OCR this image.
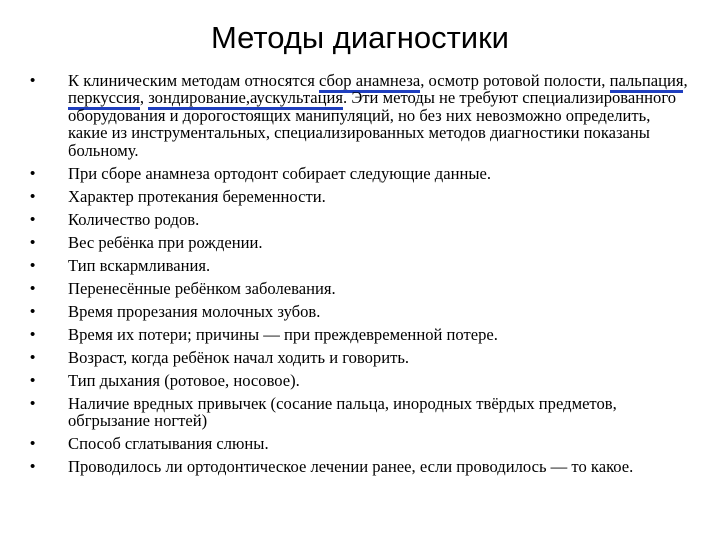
Методы диагностики
• К клиническим методам относятся сбор анамнеза, осмотр ротовой полости, пальпация, перкуссия, зондирование,аускультация. Эти методы не требуют специализированного оборудования и дорогостоящих манипуляций, но без них невозможно определить, какие из инструментальных, специализированных методов диагностики показаны больному.
• При сборе анамнеза ортодонт собирает следующие данные.
• Характер протекания беременности.
• Количество родов.
• Вес ребёнка при рождении.
• Тип вскармливания.
• Перенесённые ребёнком заболевания.
• Время прорезания молочных зубов.
• Время их потери; причины — при преждевременной потере.
• Возраст, когда ребёнок начал ходить и говорить.
• Тип дыхания (ротовое, носовое).
• Наличие вредных привычек (сосание пальца, инородных твёрдых предметов, обгрызание ногтей)
• Способ сглатывания слюны.
• Проводилось ли ортодонтическое лечении ранее, если проводилось — то какое.
